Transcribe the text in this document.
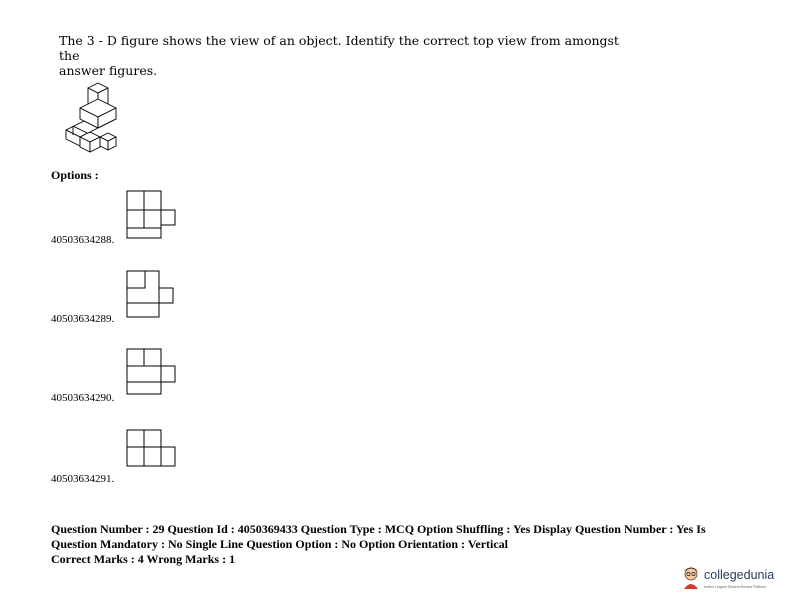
The 3 - D figure shows the view of an object. Identify the correct top view from amongst the
answer figures.
Options :
40503634288.
40503634289.
40503634290.
40503634291.
Question Number : 29 Question Id : 4050369433 Question Type : MCQ Option Shuffling : Yes Display Question Number : Yes Is
Question Mandatory : No Single Line Question Option : No Option Orientation : Vertical
Correct Marks : 4 Wrong Marks : 1
collegedunia
India's Largest Student Review Platform
